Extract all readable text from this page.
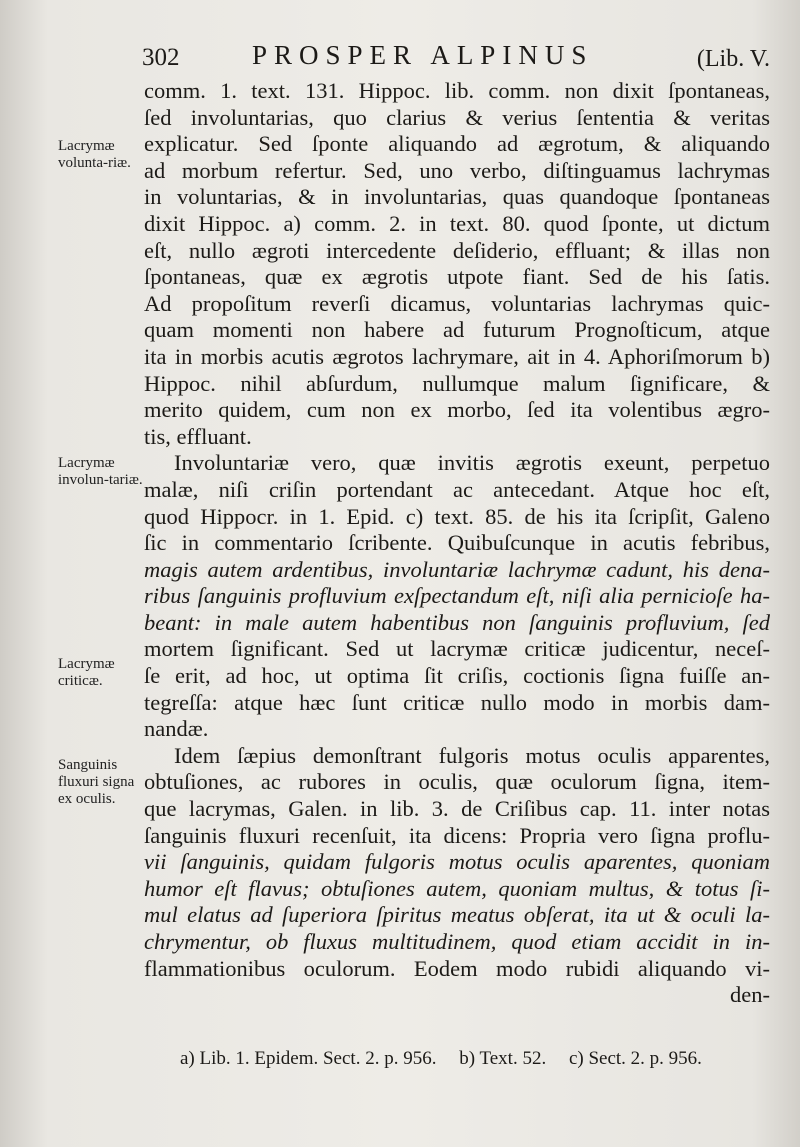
302	PROSPER ALPINUS	(Lib. V.
Lacrymæ volunta-riæ.
Lacrymæ involun-tariæ.
Lacrymæ criticæ.
Sanguinis fluxuri signa ex oculis.
comm. 1. text. 131. Hippoc. lib. comm. non dixit ſpontaneas,
ſed involuntarias, quo clarius & verius ſententia & veritas
explicatur. Sed ſponte aliquando ad ægrotum, & aliquando
ad morbum refertur. Sed, uno verbo, diſtinguamus lachrymas
in voluntarias, & in involuntarias, quas quandoque ſpontaneas
dixit Hippoc. a) comm. 2. in text. 80. quod ſponte, ut dictum
eſt, nullo ægroti intercedente deſiderio, effluant; & illas non
ſpontaneas, quæ ex ægrotis utpote fiant. Sed de his ſatis.
Ad propoſitum reverſi dicamus, voluntarias lachrymas quic-
quam momenti non habere ad futurum Prognoſticum, atque
ita in morbis acutis ægrotos lachrymare, ait in 4. Aphoriſmorum b)
Hippoc. nihil abſurdum, nullumque malum ſignificare, &
merito quidem, cum non ex morbo, ſed ita volentibus ægro-
tis, effluant.
Involuntariæ vero, quæ invitis ægrotis exeunt, perpetuo
malæ, niſi criſin portendant ac antecedant. Atque hoc eſt,
quod Hippocr. in 1. Epid. c) text. 85. de his ita ſcripſit, Galeno
ſic in commentario ſcribente. Quibuſcunque in acutis febribus,
magis autem ardentibus, involuntariæ lachrymæ cadunt, his dena-
ribus ſanguinis profluvium exſpectandum eſt, niſi alia pernicioſe ha-
beant: in male autem habentibus non ſanguinis profluvium, ſed
mortem ſignificant. Sed ut lacrymæ criticæ judicentur, neceſ-
ſe erit, ad hoc, ut optima ſit criſis, coctionis ſigna fuiſſe an-
tegreſſa: atque hæc ſunt criticæ nullo modo in morbis dam-
nandæ.
Idem ſæpius demonſtrant fulgoris motus oculis apparentes,
obtuſiones, ac rubores in oculis, quæ oculorum ſigna, item-
que lacrymas, Galen. in lib. 3. de Criſibus cap. 11. inter notas
ſanguinis fluxuri recenſuit, ita dicens: Propria vero ſigna proflu-
vii ſanguinis, quidam fulgoris motus oculis aparentes, quoniam
humor eſt flavus; obtuſiones autem, quoniam multus, & totus ſi-
mul elatus ad ſuperiora ſpiritus meatus obſerat, ita ut & oculi la-
chrymentur, ob fluxus multitudinem, quod etiam accidit in in-
flammationibus oculorum. Eodem modo rubidi aliquando vi-
den-
a) Lib. 1. Epidem. Sect. 2. p. 956. b) Text. 52. c) Sect. 2. p. 956.
